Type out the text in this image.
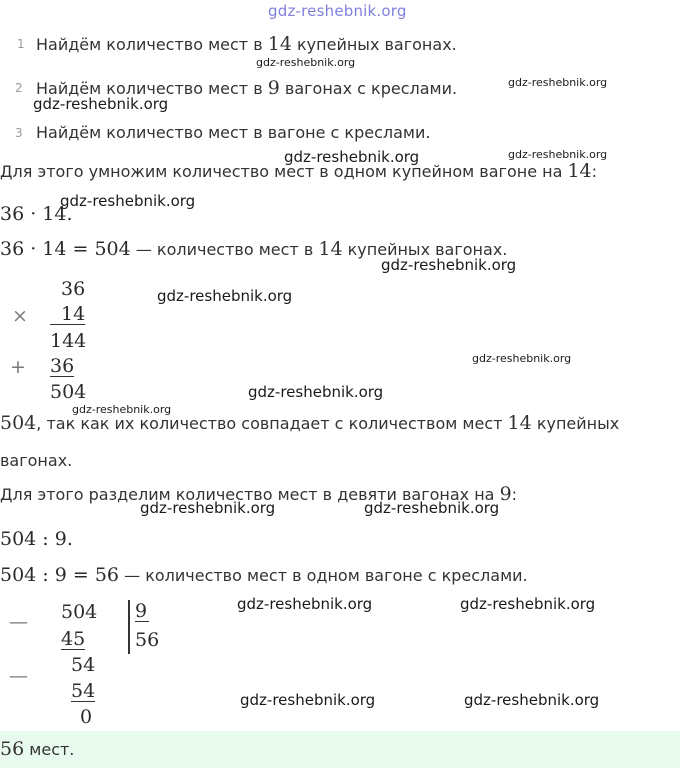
gdz-reshebnik.org
1 Найдём количество мест в 14 купейных вагонах.
gdz-reshebnik.org
2 Найдём количество мест в 9 вагонах с креслами.	gdz-reshebnik.org
gdz-reshebnik.org
3 Найдём количество мест в вагоне с креслами.
gdz-reshebnik.org	gdz-reshebnik.org
Для этого умножим количество мест в одном купейном вагоне на 14:
36 · 14.
gdz-reshebnik.org
36 · 14 = 504 — количество мест в 14 купейных вагонах.
gdz-reshebnik.org
36
×	14
144
+ 36
504
gdz-reshebnik.org
gdz-reshebnik.org
gdz-reshebnik.org
gdz-reshebnik.org
504, так как их количество совпадает с количеством мест 14 купейных
вагонах.
Для этого разделим количество мест в девяти вагонах на 9:
gdz-reshebnik.org	gdz-reshebnik.org
504 : 9.
504 : 9 = 56 — количество мест в одном вагоне с креслами.
— 504 9
56
45
54
—
54
0
gdz-reshebnik.org	gdz-reshebnik.org
gdz-reshebnik.org	gdz-reshebnik.org
56 мест.
